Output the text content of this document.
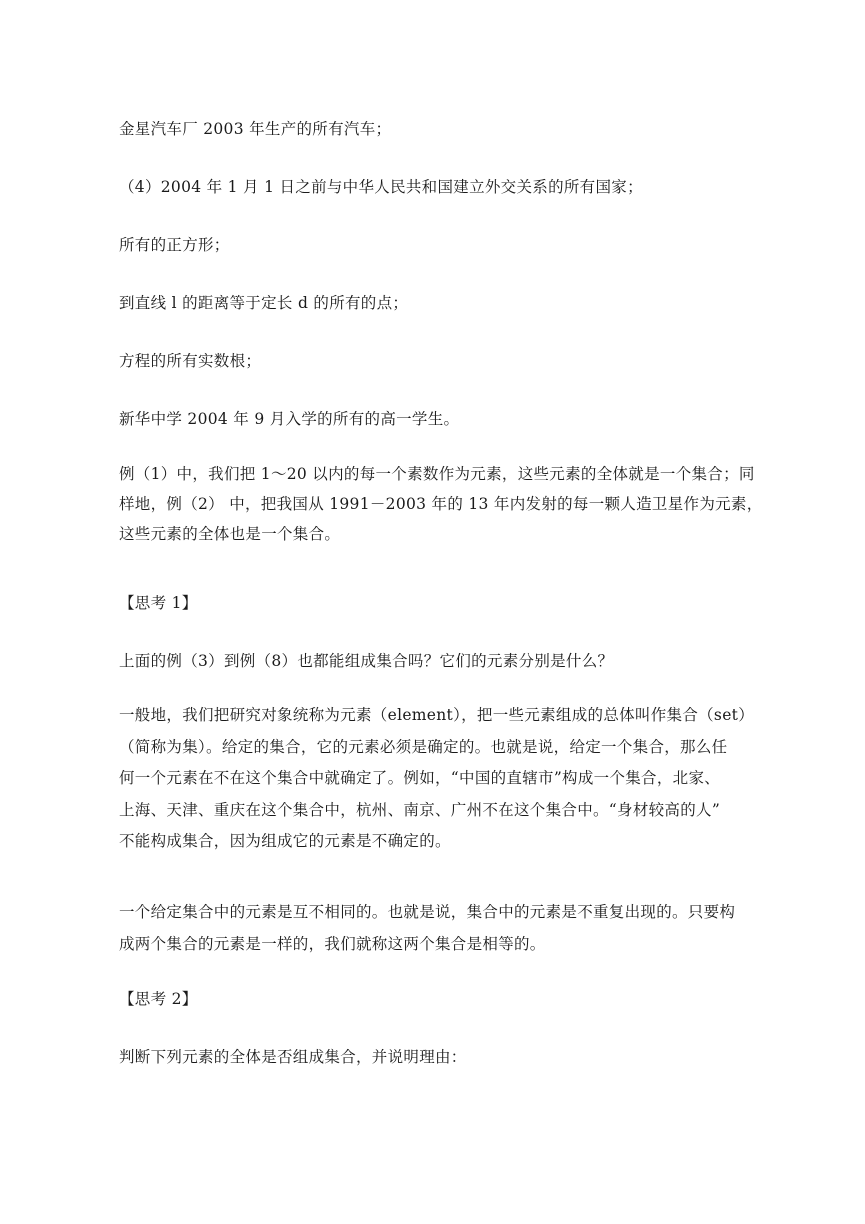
金星汽车厂 2003 年生产的所有汽车；

（4）2004 年 1 月 1 日之前与中华人民共和国建立外交关系的所有国家；

所有的正方形；

到直线 l 的距离等于定长 d 的所有的点；

方程的所有实数根；

新华中学 2004 年 9 月入学的所有的高一学生。

例（1）中，我们把 1～20 以内的每一个素数作为元素，这些元素的全体就是一个集合；同
样地，例（2） 中，把我国从 1991－2003 年的 13 年内发射的每一颗人造卫星作为元素，
这些元素的全体也是一个集合。

【思考 1】

上面的例（3）到例（8）也都能组成集合吗？它们的元素分别是什么？

一般地，我们把研究对象统称为元素（element），把一些元素组成的总体叫作集合（set）
（简称为集）。给定的集合，它的元素必须是确定的。也就是说，给定一个集合，那么任
何一个元素在不在这个集合中就确定了。例如，“中国的直辖市”构成一个集合，北家、
上海、天津、重庆在这个集合中，杭州、南京、广州不在这个集合中。“身材较高的人”
不能构成集合，因为组成它的元素是不确定的。

一个给定集合中的元素是互不相同的。也就是说，集合中的元素是不重复出现的。只要构
成两个集合的元素是一样的，我们就称这两个集合是相等的。

【思考 2】

判断下列元素的全体是否组成集合，并说明理由：
